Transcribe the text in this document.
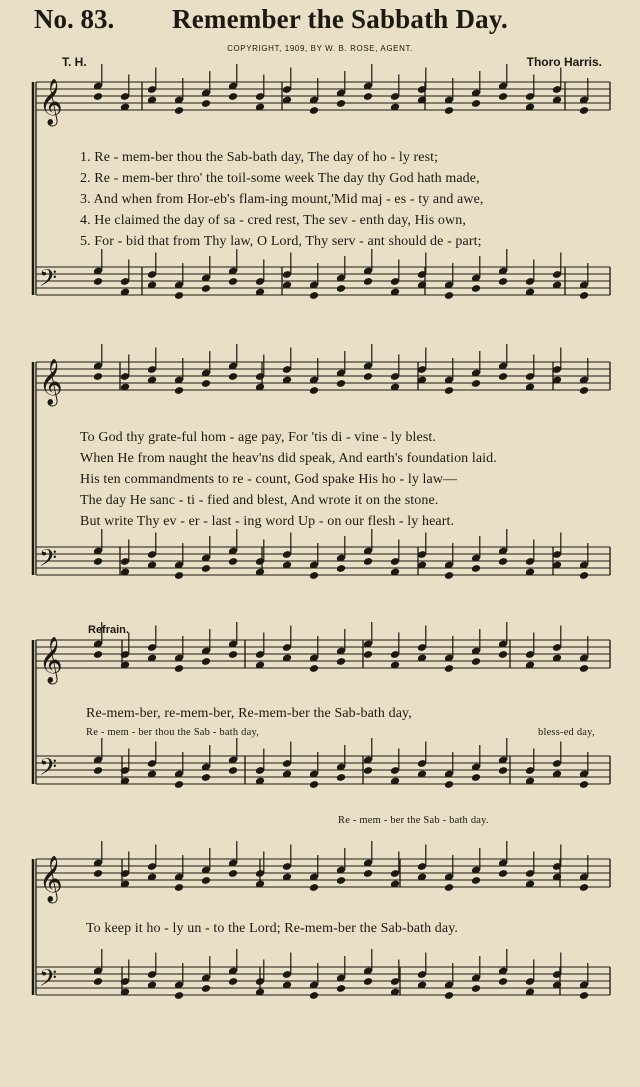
No. 83. Remember the Sabbath Day.
COPYRIGHT, 1909, BY W. B. ROSE, AGENT.
T. H.	Thoro Harris.
𝄞
𝄢
𝄞
𝄢
𝄞
𝄢
𝄞
𝄢
1. Re - mem-ber thou the Sab-bath day, The day of ho - ly rest;
2. Re - mem-ber thro' the toil-some week The day thy God hath made,
3. And when from Hor-eb's flam-ing mount,'Mid maj - es - ty and awe,
4. He claimed the day of sa - cred rest, The sev - enth day, His own,
5. For - bid that from Thy law, O Lord, Thy serv - ant should de - part;
To God thy grate-ful hom - age pay, For 'tis di - vine - ly blest.
When He from naught the heav'ns did speak, And earth's foundation laid.
His ten commandments to re - count, God spake His ho - ly law—
The day He sanc - ti - fied and blest, And wrote it on the stone.
But write Thy ev - er - last - ing word Up - on our flesh - ly heart.
Refrain.
Re-mem-ber, re-mem-ber, Re-mem-ber the Sab-bath day,
Re - mem - ber thou the Sab - bath day,	bless-ed day,
Re - mem - ber the Sab - bath day.
To keep it ho - ly un - to the Lord; Re-mem-ber the Sab-bath day.
